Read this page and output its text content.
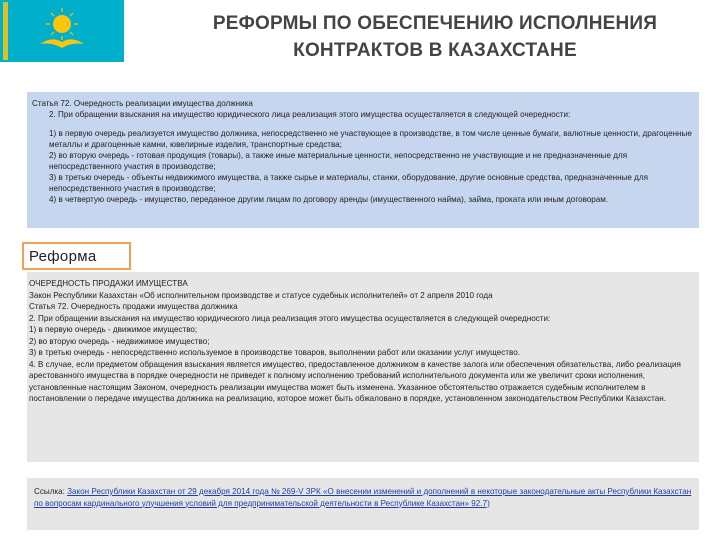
РЕФОРМЫ ПО ОБЕСПЕЧЕНИЮ ИСПОЛНЕНИЯ
КОНТРАКТОВ В КАЗАХСТАНЕ

Статья 72. Очередность реализации имущества должника

2. При обращении взыскания на имущество юридического лица реализация этого имущества осуществляется в следующей очередности:

1) в первую очередь реализуется имущество должника, непосредственно не участвующее в производстве, в том числе ценные бумаги, валютные ценности, драгоценные металлы и драгоценные камни, ювелирные изделия, транспортные средства;

2) во вторую очередь - готовая продукция (товары), а также иные материальные ценности, непосредственно не участвующие и не предназначенные для непосредственного участия в производстве;

3) в третью очередь - объекты недвижимого имущества, а также сырье и материалы, станки, оборудование, другие основные средства, предназначенные для непосредственного участия в производстве;

4) в четвертую очередь - имущество, переданное другим лицам по договору аренды (имущественного найма), займа, проката или иным договорам.

Реформа

ОЧЕРЕДНОСТЬ ПРОДАЖИ ИМУЩЕСТВА

Закон Республики Казахстан «Об исполнительном производстве и статусе судебных исполнителей» от 2 апреля 2010 года

Статья 72. Очередность продажи имущества должника

2. При обращении взыскания на имущество юридического лица реализация этого имущества осуществляется в следующей очередности:

1) в первую очередь - движимое имущество;

2) во вторую очередь - недвижимое имущество;

3) в третью очередь - непосредственно используемое в производстве товаров, выполнении работ или оказании услуг имущество.

4. В случае, если предметом обращения взыскания является имущество, предоставленное должником в качестве залога или обеспечения обязательства, либо реализация арестованного имущества в порядке очередности не приведет к полному исполнению требований исполнительного документа или же увеличит сроки исполнения, установленные настоящим Законом, очередность реализации имущества может быть изменена. Указанное обстоятельство отражается судебным исполнителем в постановлении о передаче имущества должника на реализацию, которое может быть обжаловано в порядке, установленном законодательством Республики Казахстан.

Ссылка: Закон Республики Казахстан от 29 декабря 2014 года № 269-V ЗРК «О внесении изменений и дополнений в некоторые законодательные акты Республики Казахстан по вопросам кардинального улучшения условий для предпринимательской деятельности в Республике Казахстан» 92.7)
